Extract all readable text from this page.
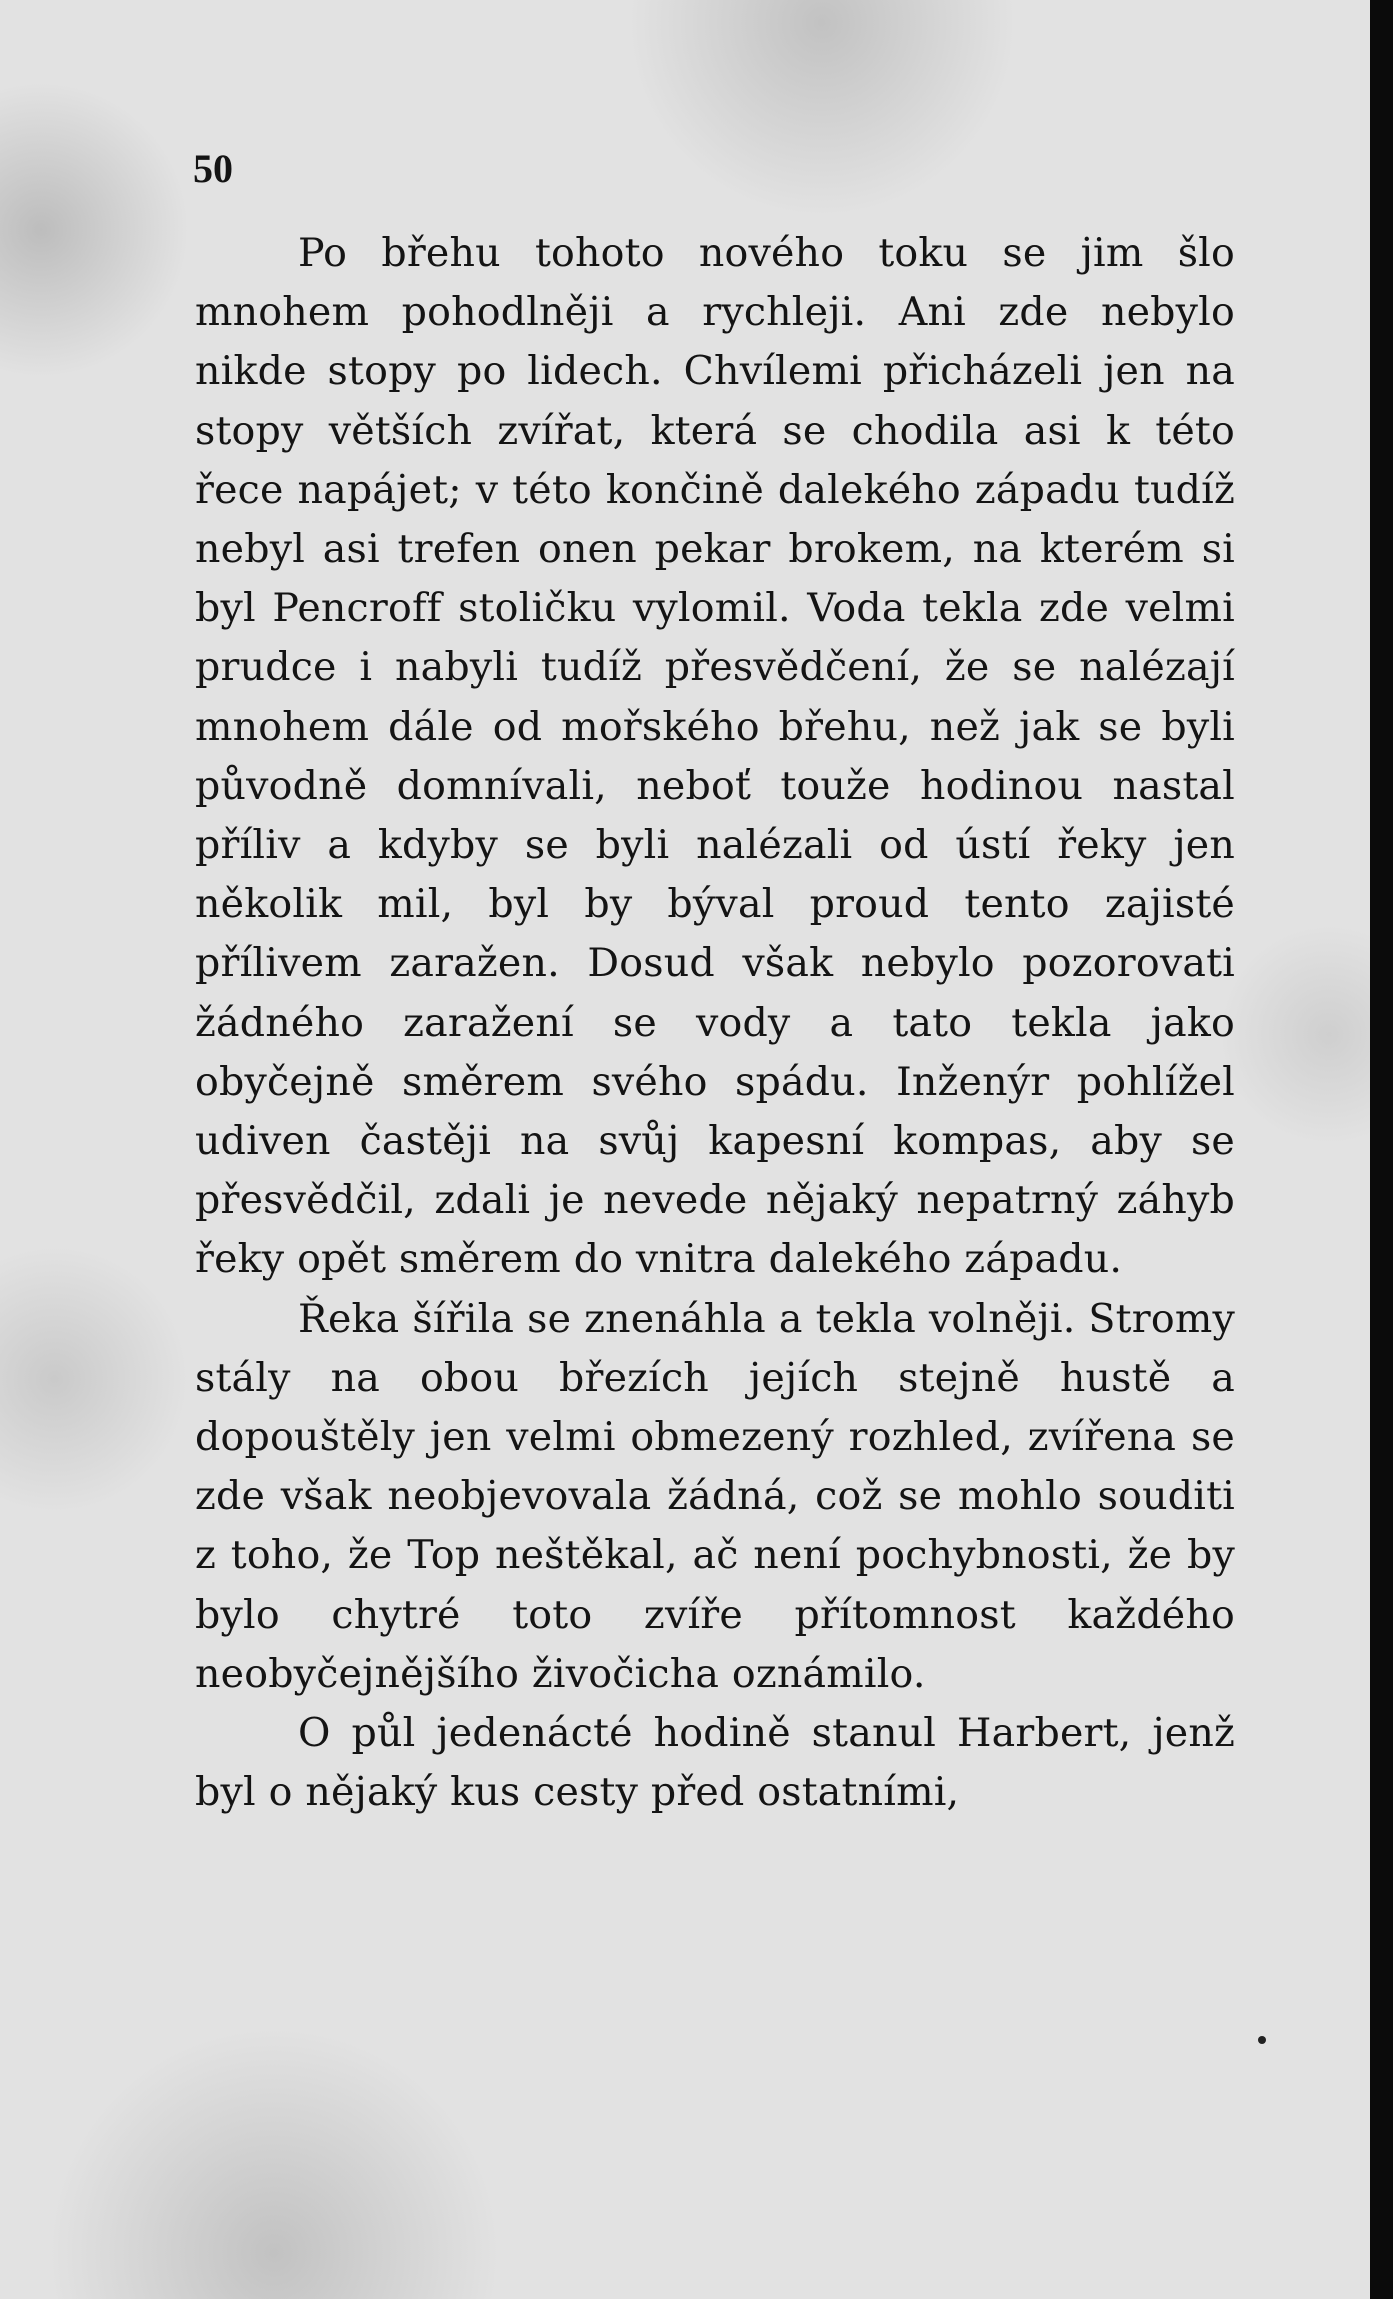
50

Po břehu tohoto nového toku se jim šlo mnohem pohodlněji a rychleji. Ani zde nebylo nikde stopy po lidech. Chvílemi přicházeli jen na stopy větších zvířat, která se chodila asi k této řece napájet; v této končině dalekého západu tudíž nebyl asi trefen onen pekar brokem, na kterém si byl Pencroff stoličku vylomil. Voda tekla zde velmi prudce i nabyli tudíž přesvědčení, že se nalézají mnohem dále od mořského břehu, než jak se byli původně domnívali, neboť touže hodinou nastal příliv a kdyby se byli nalézali od ústí řeky jen několik mil, byl by býval proud tento zajisté přílivem zaražen. Dosud však nebylo pozorovati žádného zaražení se vody a tato tekla jako obyčejně směrem svého spádu. Inženýr pohlížel udiven častěji na svůj kapesní kompas, aby se přesvědčil, zdali je nevede nějaký nepatrný záhyb řeky opět směrem do vnitra dalekého západu.

Řeka šířila se znenáhla a tekla volněji. Stromy stály na obou březích jejích stejně hustě a dopouštěly jen velmi obmezený rozhled, zvířena se zde však neobjevovala žádná, což se mohlo souditi z toho, že Top neštěkal, ač není pochybnosti, že by bylo chytré toto zvíře přítomnost každého neobyčejnějšího živočicha oznámilo.

O půl jedenácté hodině stanul Harbert, jenž byl o nějaký kus cesty před ostatními,
